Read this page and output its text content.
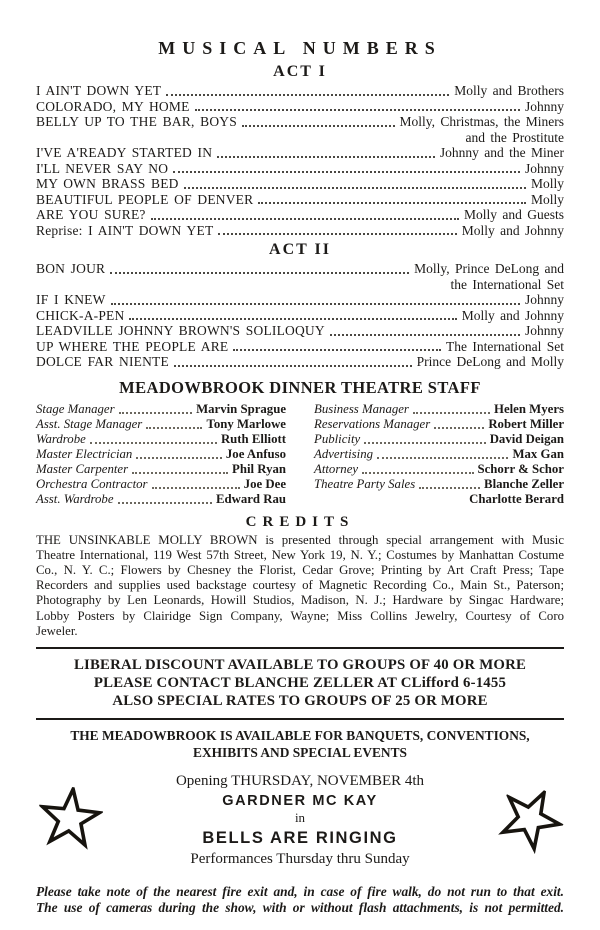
MUSICAL NUMBERS
ACT I
I AIN'T DOWN YET	Molly and Brothers
COLORADO, MY HOME	Johnny
BELLY UP TO THE BAR, BOYS	Molly, Christmas, the Miners
and the Prostitute
I'VE A'READY STARTED IN	Johnny and the Miner
I'LL NEVER SAY NO	Johnny
MY OWN BRASS BED	Molly
BEAUTIFUL PEOPLE OF DENVER	Molly
ARE YOU SURE?	Molly and Guests
Reprise: I AIN'T DOWN YET	Molly and Johnny
ACT II
BON JOUR	Molly, Prince DeLong and
the International Set
IF I KNEW	Johnny
CHICK-A-PEN	Molly and Johnny
LEADVILLE JOHNNY BROWN'S SOLILOQUY	Johnny
UP WHERE THE PEOPLE ARE	The International Set
DOLCE FAR NIENTE	Prince DeLong and Molly
MEADOWBROOK DINNER THEATRE STAFF
Stage Manager	Marvin Sprague
Asst. Stage Manager	Tony Marlowe
Wardrobe	Ruth Elliott
Master Electrician	Joe Anfuso
Master Carpenter	Phil Ryan
Orchestra Contractor	Joe Dee
Asst. Wardrobe	Edward Rau
Business Manager	Helen Myers
Reservations Manager	Robert Miller
Publicity	David Deigan
Advertising	Max Gan
Attorney	Schorr & Schor
Theatre Party Sales	Blanche Zeller
Charlotte Berard
CREDITS

THE UNSINKABLE MOLLY BROWN is presented through special arrangement with Music Theatre International, 119 West 57th Street, New York 19, N. Y.; Costumes by Manhattan Costume Co., N. Y. C.; Flowers by Chesney the Florist, Cedar Grove; Printing by Art Craft Press; Tape Recorders and supplies used backstage courtesy of Magnetic Recording Co., Main St., Paterson; Photography by Len Leonards, Howill Studios, Madison, N. J.; Hardware by Singac Hardware; Lobby Posters by Clairidge Sign Company, Wayne; Miss Collins Jewelry, Courtesy of Coro Jeweler.

LIBERAL DISCOUNT AVAILABLE TO GROUPS OF 40 OR MORE
PLEASE CONTACT BLANCHE ZELLER AT CLifford 6-1455
ALSO SPECIAL RATES TO GROUPS OF 25 OR MORE
THE MEADOWBROOK IS AVAILABLE FOR BANQUETS, CONVENTIONS,
EXHIBITS AND SPECIAL EVENTS
Opening THURSDAY, NOVEMBER 4th
GARDNER MC KAY
in
BELLS ARE RINGING
Performances Thursday thru Sunday
Please take note of the nearest fire exit and, in case of fire walk, do not run to that exit.
The use of cameras during the show, with or without flash attachments, is not permitted.
